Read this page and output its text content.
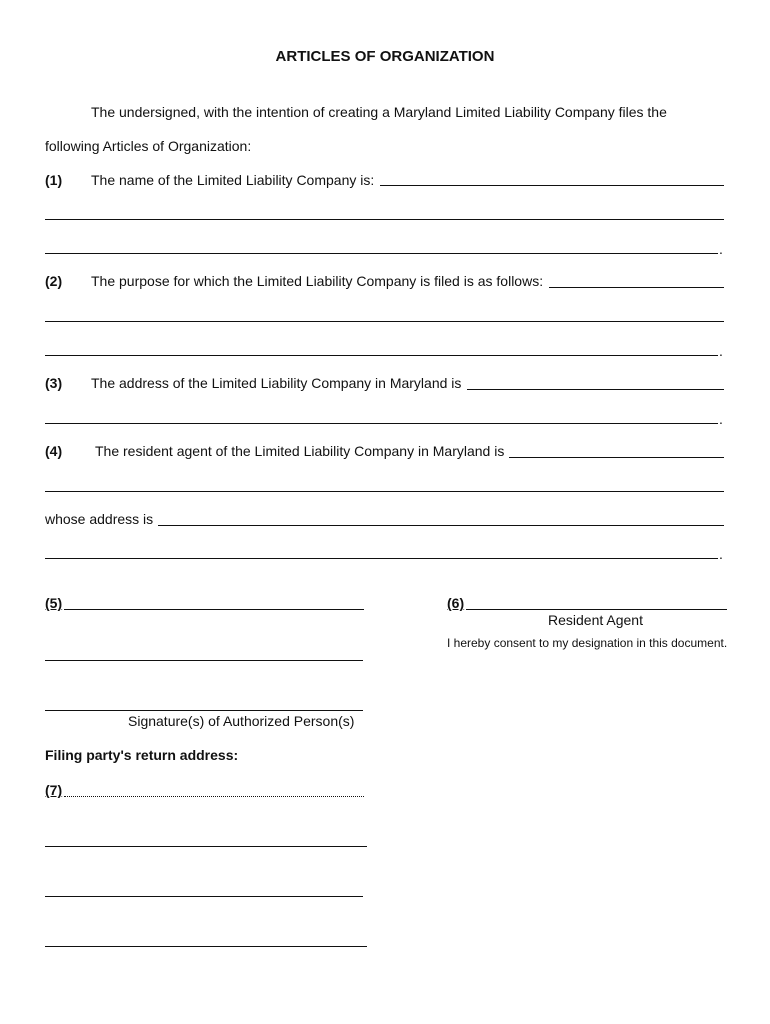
ARTICLES OF ORGANIZATION
The undersigned, with the intention of creating a Maryland Limited Liability Company files the
following Articles of Organization:
(1) The name of the Limited Liability Company is:
.
(2) The purpose for which the Limited Liability Company is filed is as follows:
.
(3) The address of the Limited Liability Company in Maryland is
.
(4) The resident agent of the Limited Liability Company in Maryland is
whose address is
.
(5)
Signature(s) of Authorized Person(s)
(6)
Resident Agent
I hereby consent to my designation in this document.
Filing party's return address:
(7)
